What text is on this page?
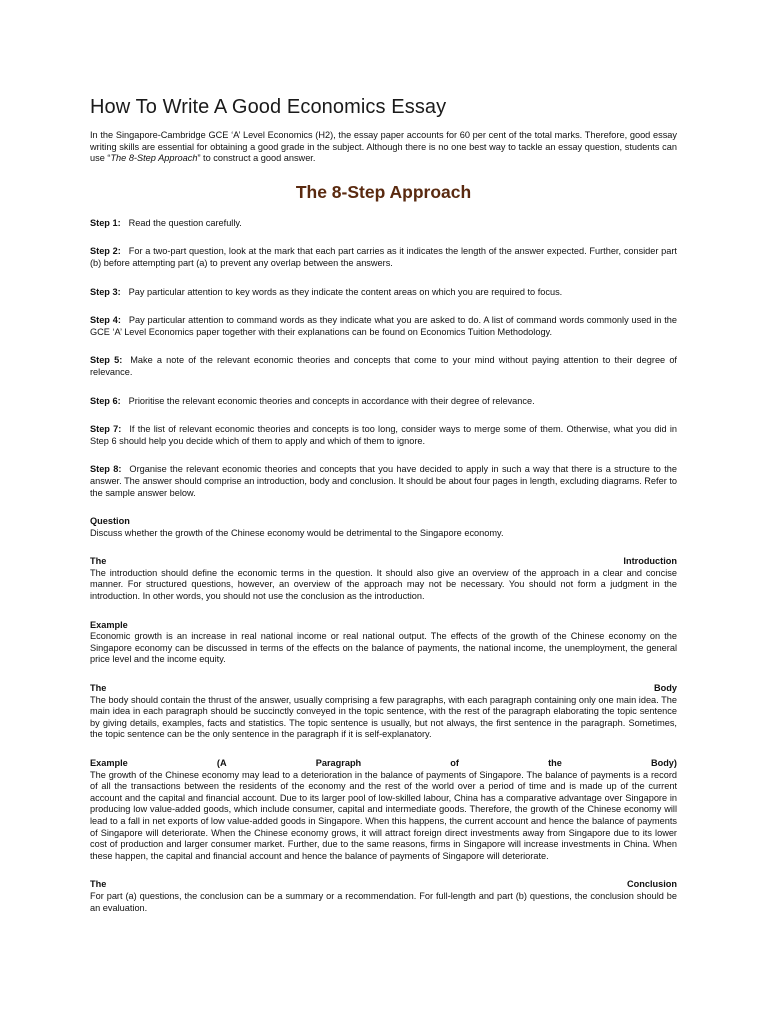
How To Write A Good Economics Essay

In the Singapore-Cambridge GCE ‘A’ Level Economics (H2), the essay paper accounts for 60 per cent of the total marks. Therefore, good essay writing skills are essential for obtaining a good grade in the subject. Although there is no one best way to tackle an essay question, students can use “The 8-Step Approach” to construct a good answer.

The 8-Step Approach

Step 1: Read the question carefully.

Step 2: For a two-part question, look at the mark that each part carries as it indicates the length of the answer expected. Further, consider part (b) before attempting part (a) to prevent any overlap between the answers.

Step 3: Pay particular attention to key words as they indicate the content areas on which you are required to focus.

Step 4: Pay particular attention to command words as they indicate what you are asked to do. A list of command words commonly used in the GCE ‘A’ Level Economics paper together with their explanations can be found on Economics Tuition Methodology.

Step 5: Make a note of the relevant economic theories and concepts that come to your mind without paying attention to their degree of relevance.

Step 6: Prioritise the relevant economic theories and concepts in accordance with their degree of relevance.

Step 7: If the list of relevant economic theories and concepts is too long, consider ways to merge some of them. Otherwise, what you did in Step 6 should help you decide which of them to apply and which of them to ignore.

Step 8: Organise the relevant economic theories and concepts that you have decided to apply in such a way that there is a structure to the answer. The answer should comprise an introduction, body and conclusion. It should be about four pages in length, excluding diagrams. Refer to the sample answer below.

Question

Discuss whether the growth of the Chinese economy would be detrimental to the Singapore economy.

The	Introduction

The introduction should define the economic terms in the question. It should also give an overview of the approach in a clear and concise manner. For structured questions, however, an overview of the approach may not be necessary. You should not form a judgment in the introduction. In other words, you should not use the conclusion as the introduction.

Example

Economic growth is an increase in real national income or real national output. The effects of the growth of the Chinese economy on the Singapore economy can be discussed in terms of the effects on the balance of payments, the national income, the unemployment, the general price level and the income equity.

The	Body

The body should contain the thrust of the answer, usually comprising a few paragraphs, with each paragraph containing only one main idea. The main idea in each paragraph should be succinctly conveyed in the topic sentence, with the rest of the paragraph elaborating the topic sentence by giving details, examples, facts and statistics. The topic sentence is usually, but not always, the first sentence in the paragraph. Sometimes, the topic sentence can be the only sentence in the paragraph if it is self-explanatory.

Example	(A	Paragraph	of	the	Body)

The growth of the Chinese economy may lead to a deterioration in the balance of payments of Singapore. The balance of payments is a record of all the transactions between the residents of the economy and the rest of the world over a period of time and is made up of the current account and the capital and financial account. Due to its larger pool of low-skilled labour, China has a comparative advantage over Singapore in producing low value-added goods, which include consumer, capital and intermediate goods. Therefore, the growth of the Chinese economy will lead to a fall in net exports of low value-added goods in Singapore. When this happens, the current account and hence the balance of payments of Singapore will deteriorate. When the Chinese economy grows, it will attract foreign direct investments away from Singapore due to its lower cost of production and larger consumer market. Further, due to the same reasons, firms in Singapore will increase investments in China. When these happen, the capital and financial account and hence the balance of payments of Singapore will deteriorate.

The	Conclusion

For part (a) questions, the conclusion can be a summary or a recommendation. For full-length and part (b) questions, the conclusion should be an evaluation.
